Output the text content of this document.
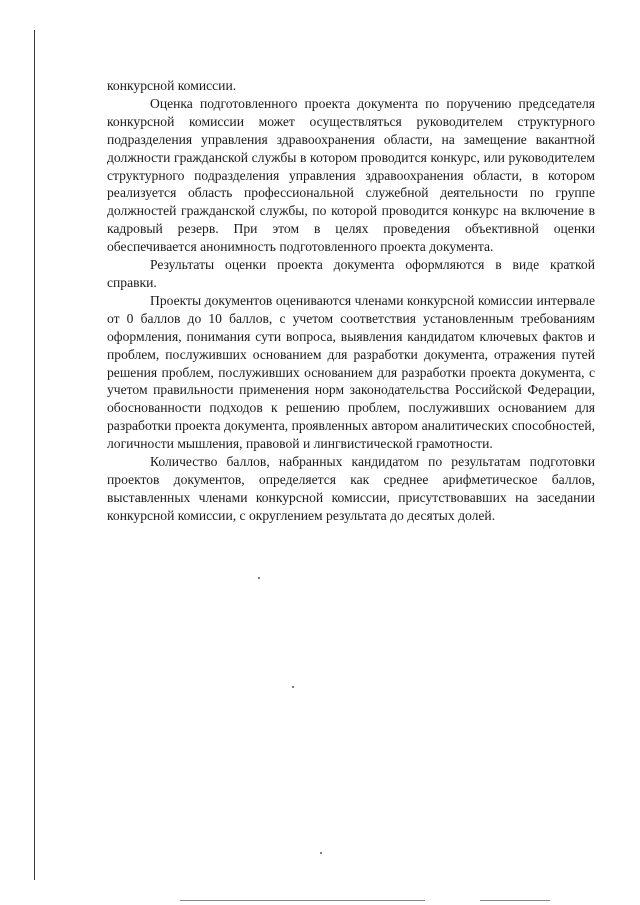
конкурсной комиссии.

Оценка подготовленного проекта документа по поручению председателя конкурсной комиссии может осуществляться руководителем структурного подразделения управления здравоохранения области, на замещение вакантной должности гражданской службы в котором проводится конкурс, или руководителем структурного подразделения управления здравоохранения области, в котором реализуется область профессиональной служебной деятельности по группе должностей гражданской службы, по которой проводится конкурс на включение в кадровый резерв. При этом в целях проведения объективной оценки обеспечивается анонимность подготовленного проекта документа.

Результаты оценки проекта документа оформляются в виде краткой справки.

Проекты документов оцениваются членами конкурсной комиссии интервале от 0 баллов до 10 баллов, с учетом соответствия установленным требованиям оформления, понимания сути вопроса, выявления кандидатом ключевых фактов и проблем, послуживших основанием для разработки документа, отражения путей решения проблем, послуживших основанием для разработки проекта документа, с учетом правильности применения норм законодательства Российской Федерации, обоснованности подходов к решению проблем, послуживших основанием для разработки проекта документа, проявленных автором аналитических способностей, логичности мышления, правовой и лингвистической грамотности.

Количество баллов, набранных кандидатом по результатам подготовки проектов документов, определяется как среднее арифметическое баллов, выставленных членами конкурсной комиссии, присутствовавших на заседании конкурсной комиссии, с округлением результата до десятых долей.
